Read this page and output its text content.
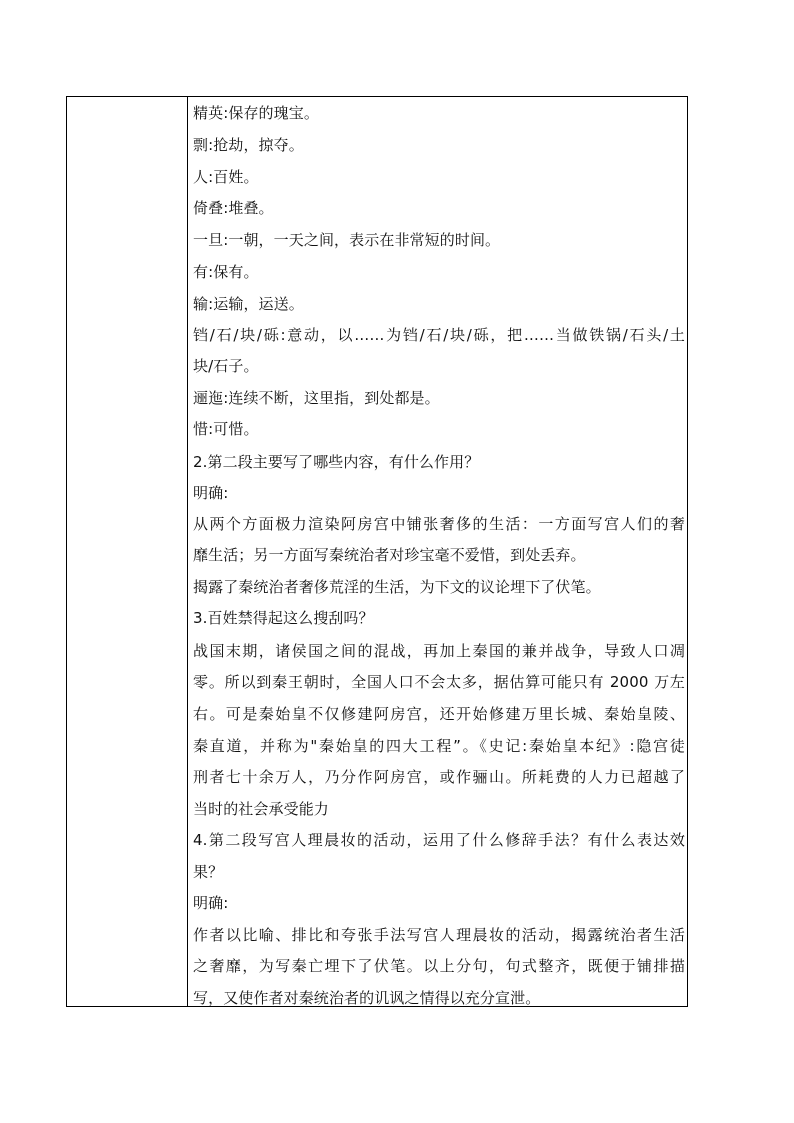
精英:保存的瑰宝。
剽:抢劫，掠夺。
人:百姓。
倚叠:堆叠。
一旦:一朝，一天之间，表示在非常短的时间。
有:保有。
输:运输，运送。
铛/石/块/砾:意动，以……为铛/石/块/砾，把……当做铁锅/石头/土
块/石子。
逦迤:连续不断，这里指，到处都是。
惜:可惜。
2.第二段主要写了哪些内容，有什么作用？
明确:
从两个方面极力渲染阿房宫中铺张奢侈的生活：一方面写宫人们的奢
靡生活；另一方面写秦统治者对珍宝毫不爱惜，到处丢弃。
揭露了秦统治者奢侈荒淫的生活，为下文的议论埋下了伏笔。
3.百姓禁得起这么搜刮吗？
战国末期，诸侯国之间的混战，再加上秦国的兼并战争，导致人口凋
零。所以到秦王朝时，全国人口不会太多，据估算可能只有 2000 万左
右。可是秦始皇不仅修建阿房宫，还开始修建万里长城、秦始皇陵、
秦直道，并称为"秦始皇的四大工程”。《史记:秦始皇本纪》:隐宫徒
刑者七十余万人，乃分作阿房宫，或作骊山。所耗费的人力已超越了
当时的社会承受能力
4.第二段写宫人理晨妆的活动，运用了什么修辞手法？有什么表达效
果？
明确:
作者以比喻、排比和夸张手法写宫人理晨妆的活动，揭露统治者生活
之奢靡，为写秦亡埋下了伏笔。以上分句，句式整齐，既便于铺排描
写，又使作者对秦统治者的讥讽之情得以充分宣泄。
